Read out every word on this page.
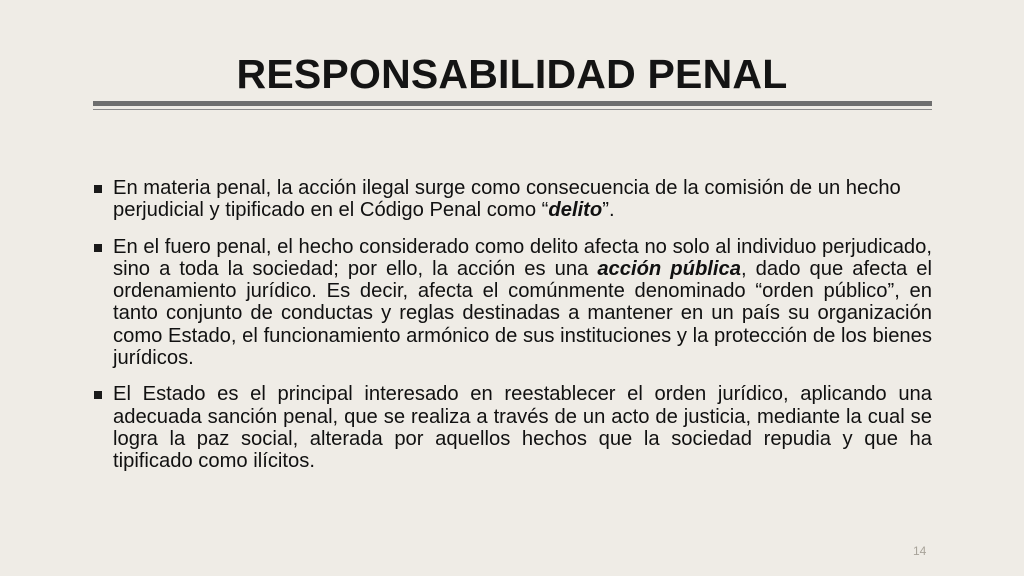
RESPONSABILIDAD PENAL
En materia penal, la acción ilegal surge como consecuencia de la comisión de un hecho perjudicial y tipificado en el Código Penal como “delito”.
En el fuero penal, el hecho considerado como delito afecta no solo al individuo perjudicado, sino a toda la sociedad; por ello, la acción es una acción pública, dado que afecta el ordenamiento jurídico. Es decir, afecta el comúnmente denominado “orden público”, en tanto conjunto de conductas y reglas destinadas a mantener en un país su organización como Estado, el funcionamiento armónico de sus instituciones y la protección de los bienes jurídicos.
El Estado es el principal interesado en reestablecer el orden jurídico, aplicando una adecuada sanción penal, que se realiza a través de un acto de justicia, mediante la cual se logra la paz social, alterada por aquellos hechos que la sociedad repudia y que ha tipificado como ilícitos.
14
